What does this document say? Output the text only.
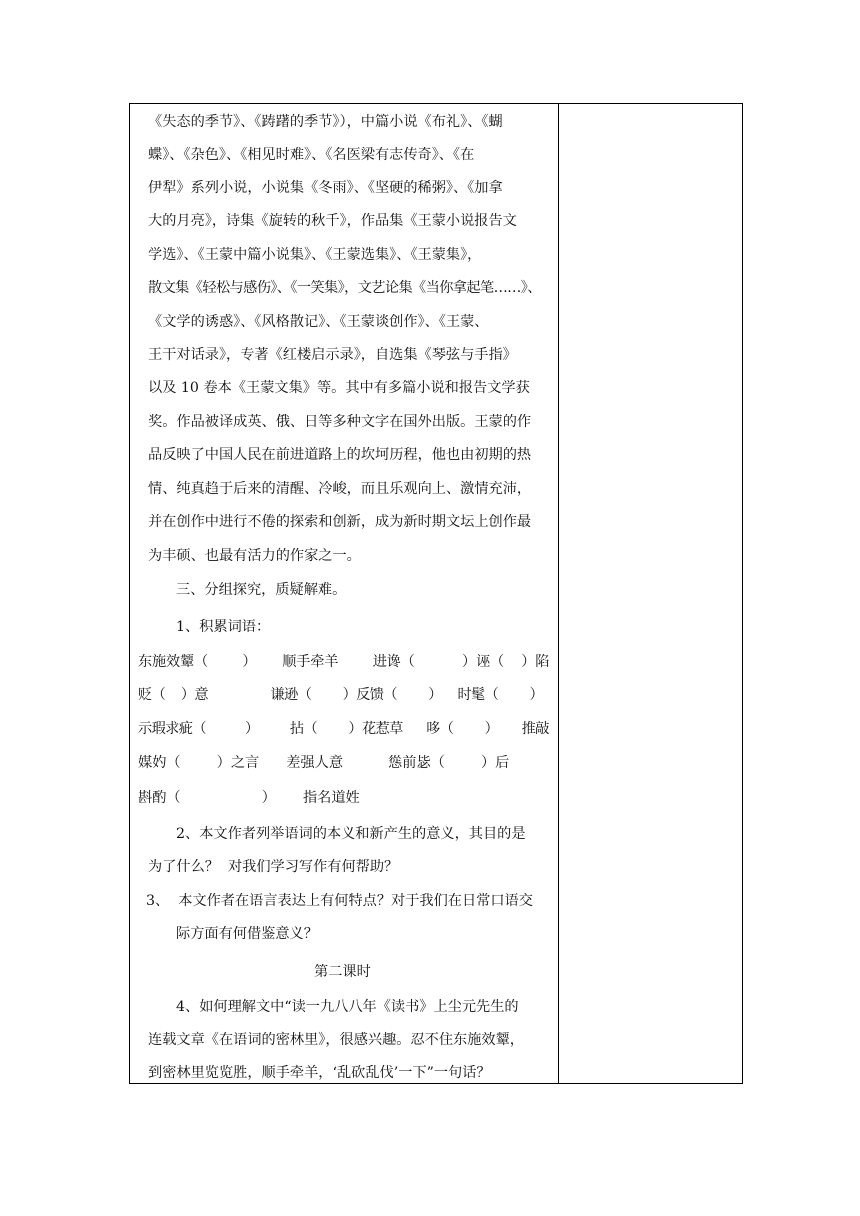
《失态的季节》、《踌躇的季节》），中篇小说《布礼》、《蝴
蝶》、《杂色》、《相见时难》、《名医梁有志传奇》、《在
伊犁》系列小说，小说集《冬雨》、《坚硬的稀粥》、《加拿
大的月亮》，诗集《旋转的秋千》，作品集《王蒙小说报告文
学选》、《王蒙中篇小说集》、《王蒙选集》、《王蒙集》，
散文集《轻松与感伤》、《一笑集》，文艺论集《当你拿起笔……》、
《文学的诱惑》、《风格散记》、《王蒙谈创作》、《王蒙、
王干对话录》，专著《红楼启示录》，自选集《琴弦与手指》
以及 10 卷本《王蒙文集》等。其中有多篇小说和报告文学获
奖。作品被译成英、俄、日等多种文字在国外出版。王蒙的作
品反映了中国人民在前进道路上的坎坷历程，他也由初期的热
情、纯真趋于后来的清醒、冷峻，而且乐观向上、激情充沛，
并在创作中进行不倦的探索和创新，成为新时期文坛上创作最
为丰硕、也最有活力的作家之一。
三、分组探究，质疑解难。
1、积累词语：
东施效颦（        ）      顺手牵羊        进谗（           ）诬（    ）陷
贬（    ）意                谦逊（        ）反馈（        ）    时髦（        ）
示瑕求疵（          ）        拈（        ）花惹草      哆（        ）      推敲
媒妁（        ）之言      差强人意          慫前毖（        ）后
斟酌（                  ）      指名道姓
2、本文作者列举语词的本义和新产生的意义，其目的是
为了什么？  对我们学习写作有何帮助？
3、  本文作者在语言表达上有何特点？对于我们在日常口语交
际方面有何借鉴意义？
第二课时
4、如何理解文中“读一九八八年《读书》上尘元先生的
连载文章《在语词的密林里》，很感兴趣。忍不住东施效颦，
到密林里览览胜，顺手牵羊，‘乱砍乱伐’一下”一句话？
